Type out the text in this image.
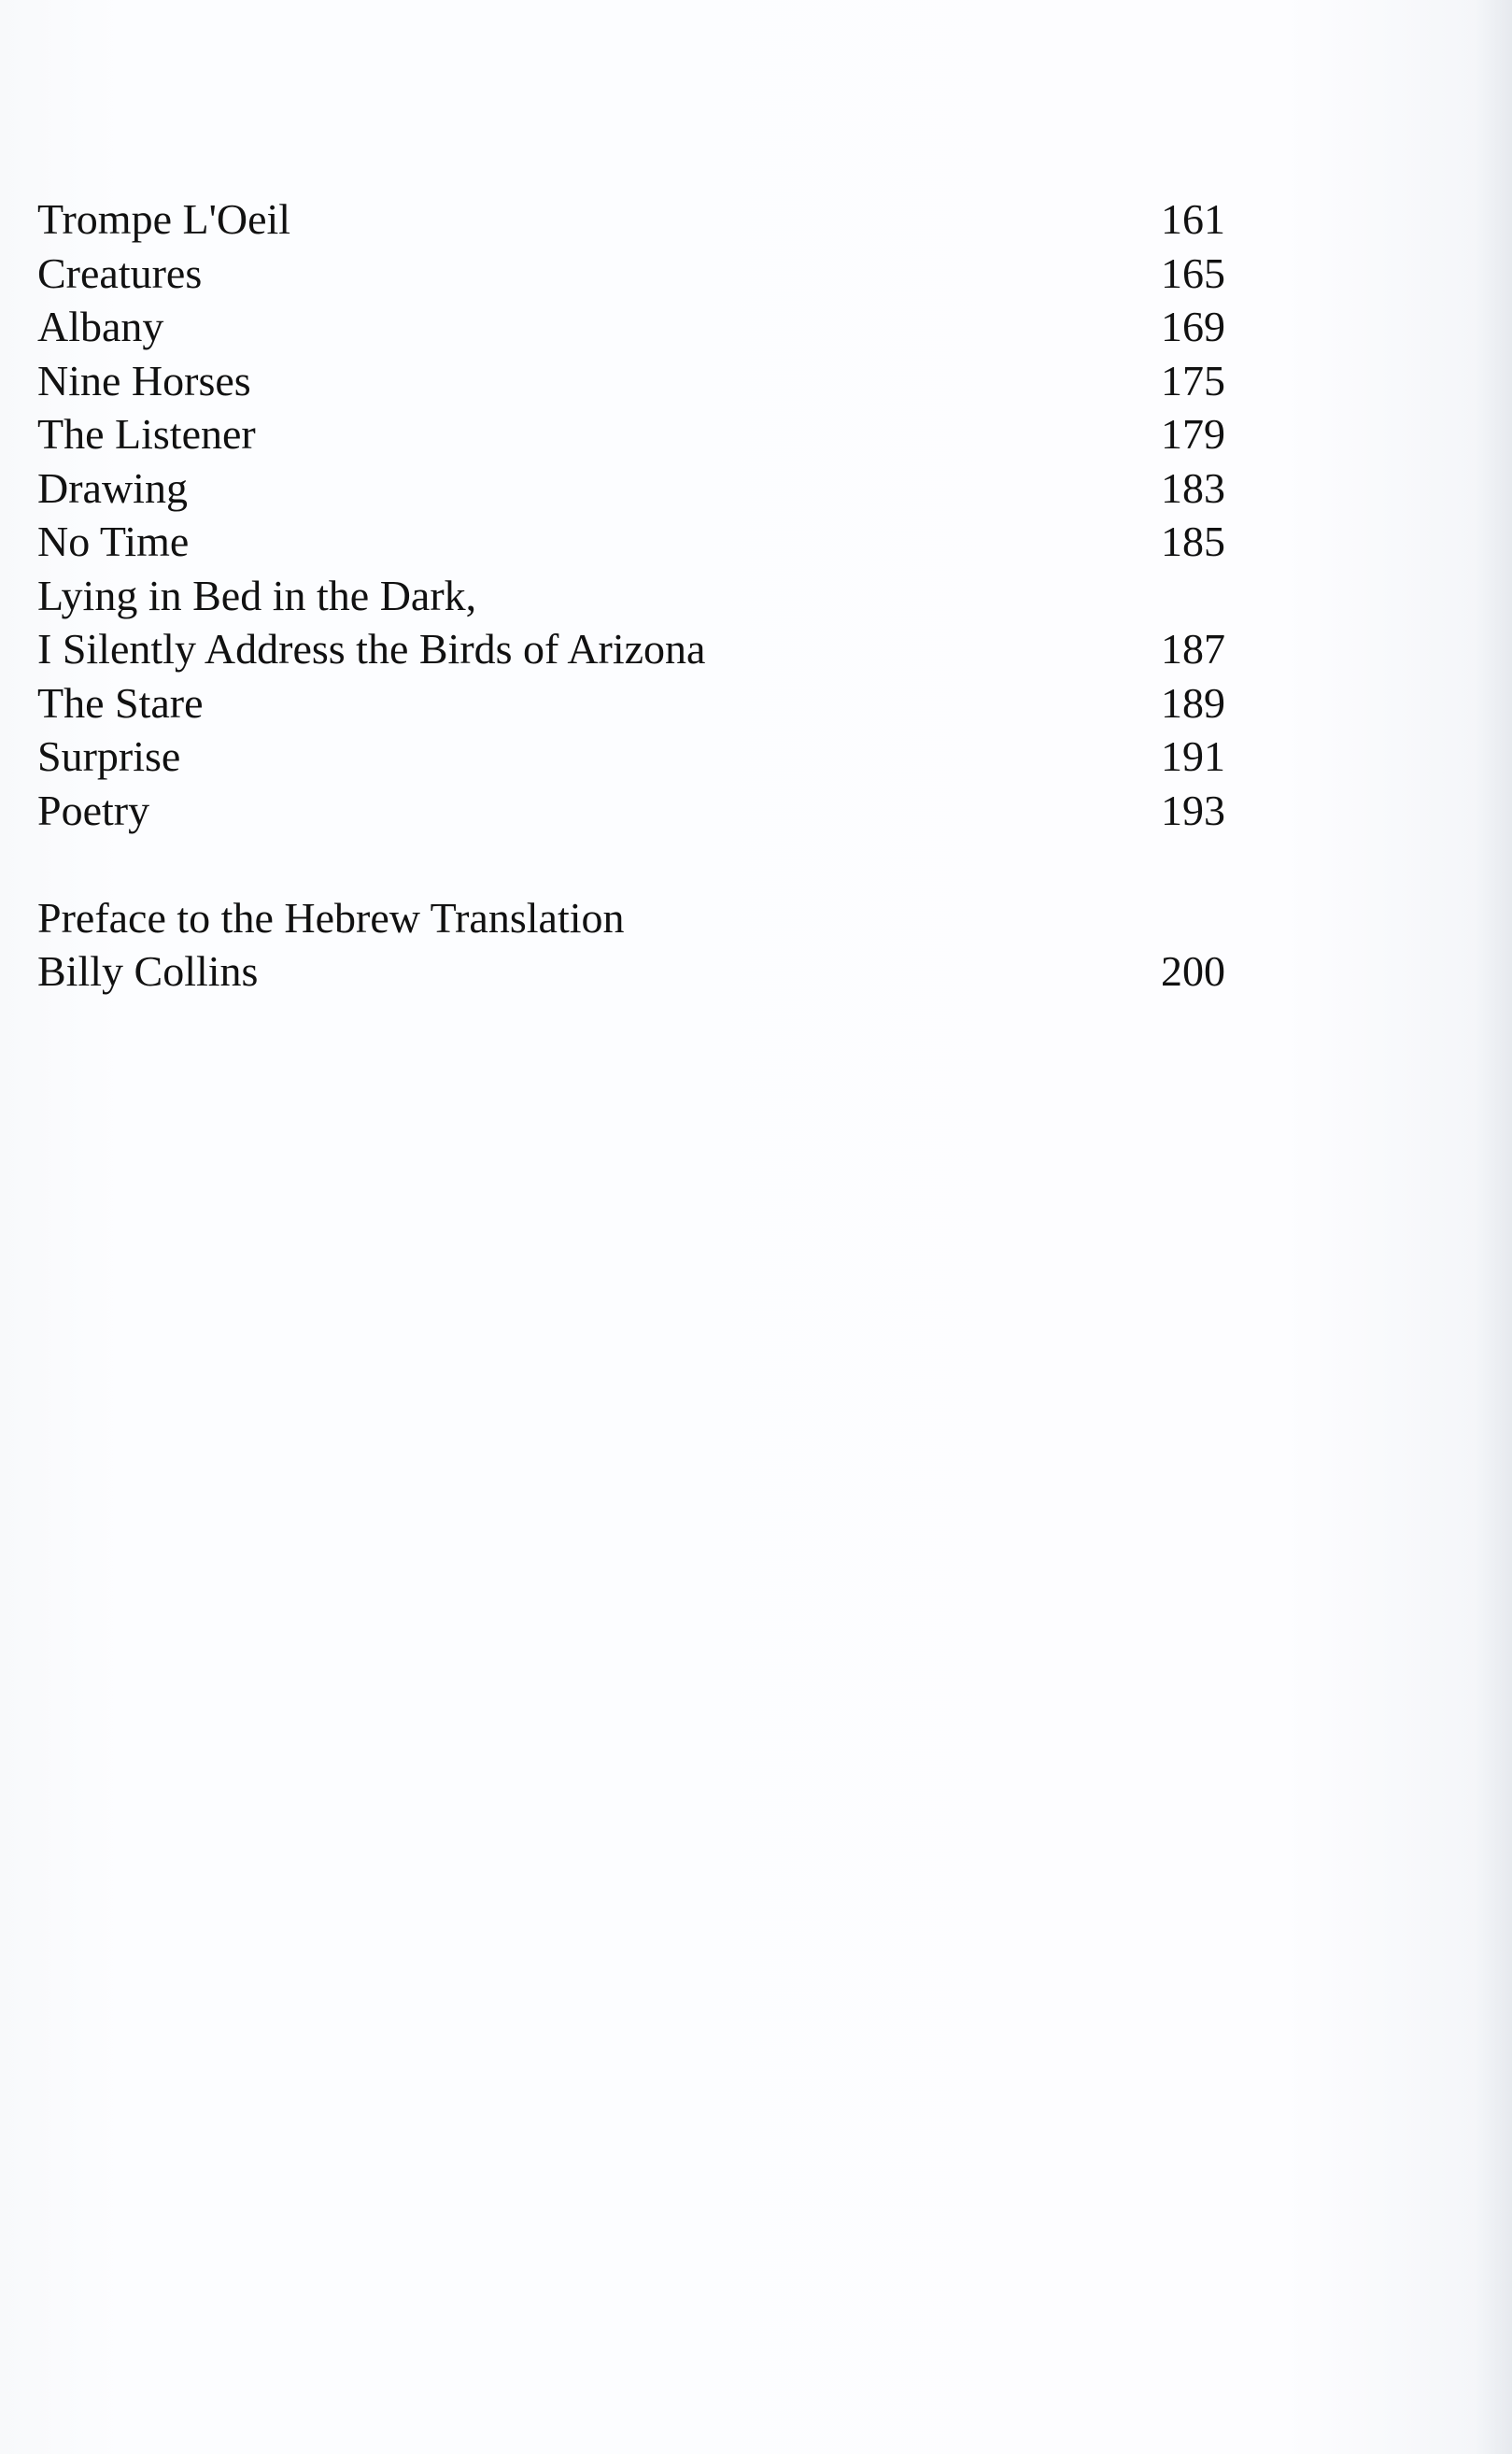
Trompe L'Oeil	161
Creatures	165
Albany	169
Nine Horses	175
The Listener	179
Drawing	183
No Time	185
Lying in Bed in the Dark,
I Silently Address the Birds of Arizona	187
The Stare	189
Surprise	191
Poetry	193
Preface to the Hebrew Translation
Billy Collins	200
